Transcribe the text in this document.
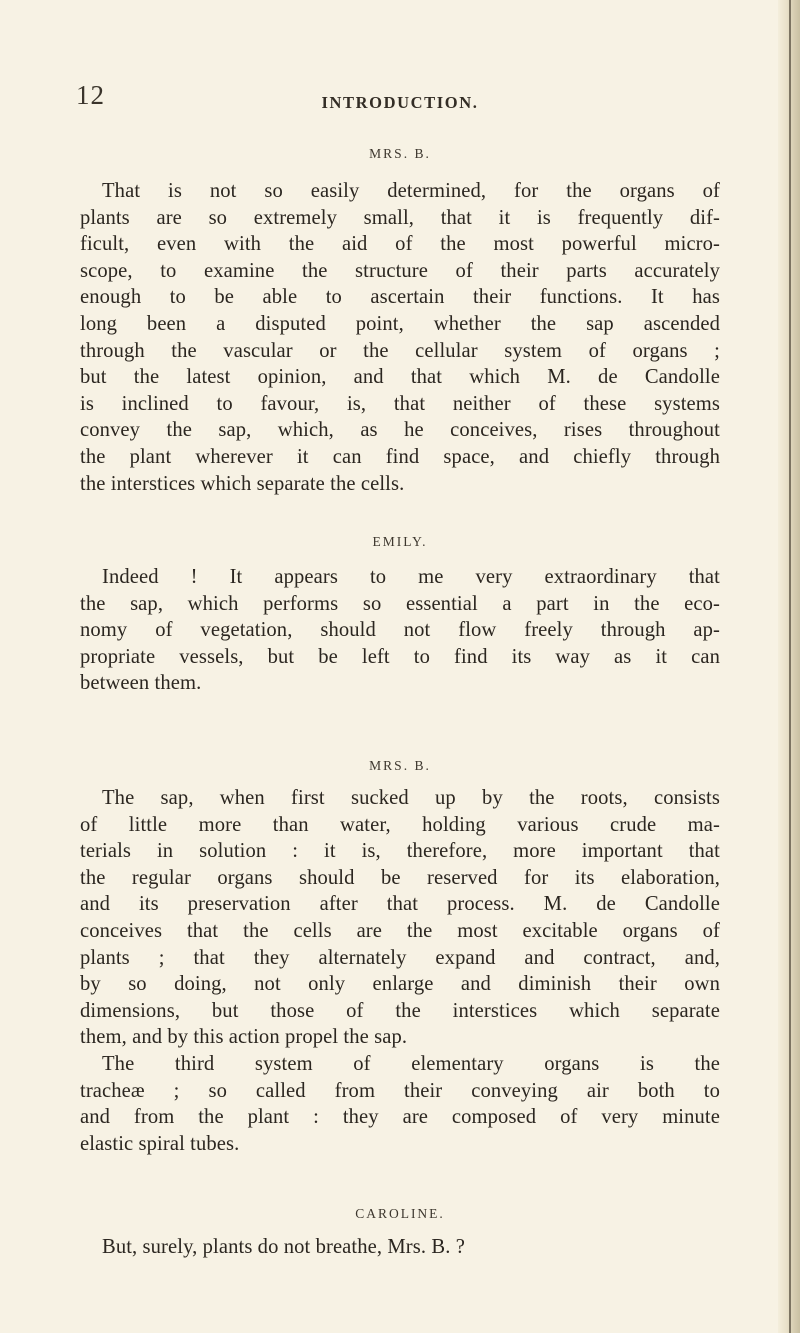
12	INTRODUCTION.
MRS. B.
That is not so easily determined, for the organs of
plants are so extremely small, that it is frequently dif-
ficult, even with the aid of the most powerful micro-
scope, to examine the structure of their parts accurately
enough to be able to ascertain their functions. It has
long been a disputed point, whether the sap ascended
through the vascular or the cellular system of organs ;
but the latest opinion, and that which M. de Candolle
is inclined to favour, is, that neither of these systems
convey the sap, which, as he conceives, rises throughout
the plant wherever it can find space, and chiefly through
the interstices which separate the cells.
EMILY.
Indeed ! It appears to me very extraordinary that
the sap, which performs so essential a part in the eco-
nomy of vegetation, should not flow freely through ap-
propriate vessels, but be left to find its way as it can
between them.
MRS. B.
The sap, when first sucked up by the roots, consists
of little more than water, holding various crude ma-
terials in solution : it is, therefore, more important that
the regular organs should be reserved for its elaboration,
and its preservation after that process. M. de Candolle
conceives that the cells are the most excitable organs of
plants ; that they alternately expand and contract, and,
by so doing, not only enlarge and diminish their own
dimensions, but those of the interstices which separate
them, and by this action propel the sap.
The third system of elementary organs is the
tracheæ ; so called from their conveying air both to
and from the plant : they are composed of very minute
elastic spiral tubes.
CAROLINE.
But, surely, plants do not breathe, Mrs. B. ?
